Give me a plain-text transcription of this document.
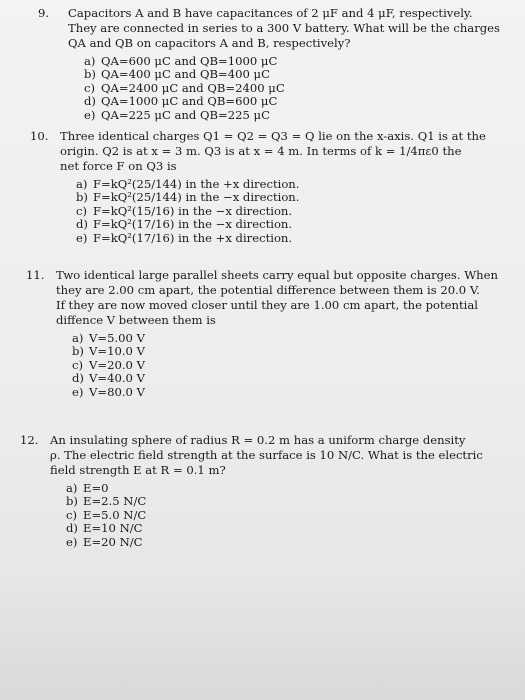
9. Capacitors A and B have capacitances of 2 μF and 4 μF, respectively.
They are connected in series to a 300 V battery. What will be the charges
QA and QB on capacitors A and B, respectively?
a) QA=600 μC and QB=1000 μC
b) QA=400 μC and QB=400 μC
c) QA=2400 μC and QB=2400 μC
d) QA=1000 μC and QB=600 μC
e) QA=225 μC and QB=225 μC
10. Three identical charges Q1 = Q2 = Q3 = Q lie on the x-axis. Q1 is at the
origin. Q2 is at x = 3 m. Q3 is at x = 4 m. In terms of k = 1/4πε0 the
net force F on Q3 is
a) F=kQ²(25/144) in the +x direction.
b) F=kQ²(25/144) in the −x direction.
c) F=kQ²(15/16) in the −x direction.
d) F=kQ²(17/16) in the −x direction.
e) F=kQ²(17/16) in the +x direction.
11. Two identical large parallel sheets carry equal but opposite charges. When
they are 2.00 cm apart, the potential difference between them is 20.0 V.
If they are now moved closer until they are 1.00 cm apart, the potential
diffence V between them is
a) V=5.00 V
b) V=10.0 V
c) V=20.0 V
d) V=40.0 V
e) V=80.0 V
12. An insulating sphere of radius R = 0.2 m has a uniform charge density
ρ. The electric field strength at the surface is 10 N/C. What is the electric
field strength E at R = 0.1 m?
a) E=0
b) E=2.5 N/C
c) E=5.0 N/C
d) E=10 N/C
e) E=20 N/C
